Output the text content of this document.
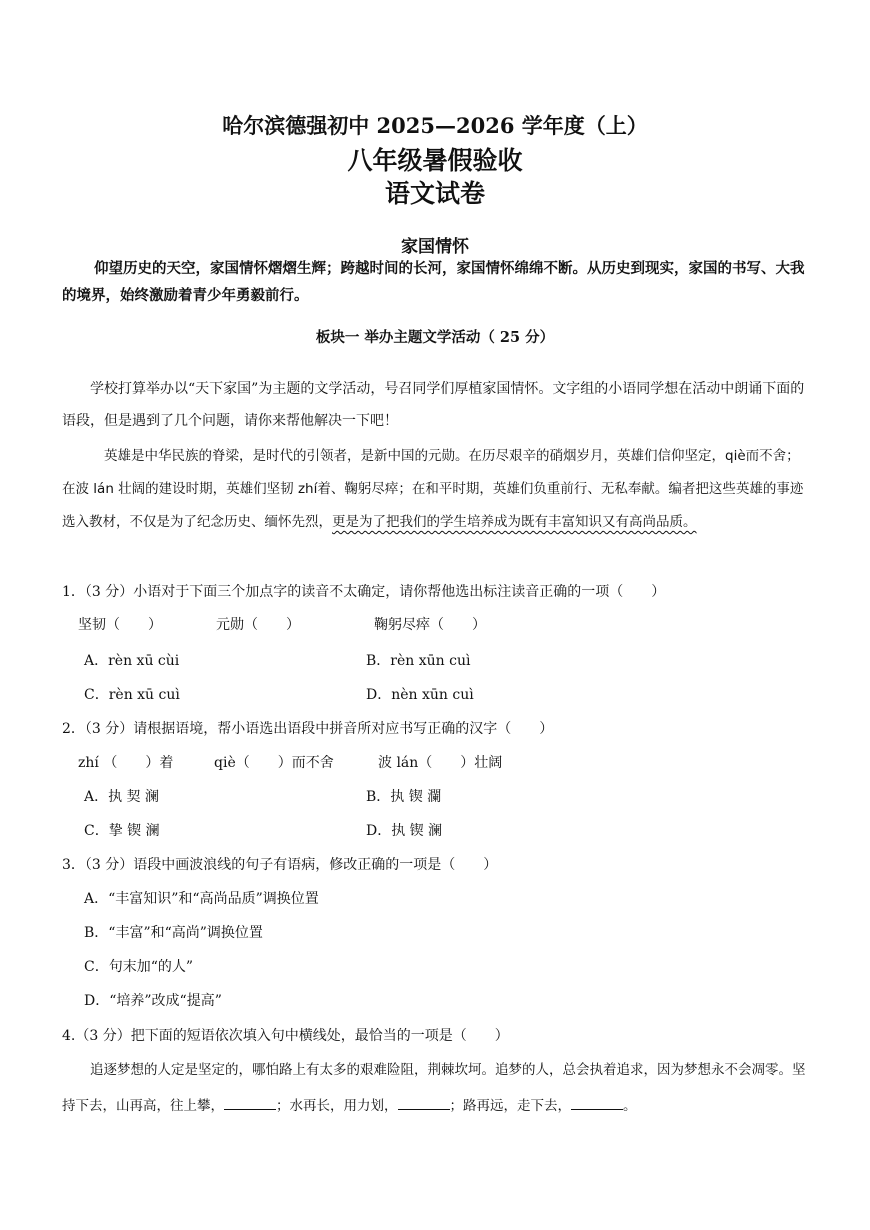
哈尔滨德强初中 2025—2026 学年度（上）
八年级暑假验收
语文试卷
家国情怀
仰望历史的天空，家国情怀熠熠生辉；跨越时间的长河，家国情怀绵绵不断。从历史到现实，家国的书写、大我的境界，始终激励着青少年勇毅前行。
板块一 举办主题文学活动（ 25 分）
学校打算举办以“天下家国”为主题的文学活动，号召同学们厚植家国情怀。文字组的小语同学想在活动中朗诵下面的语段，但是遇到了几个问题，请你来帮他解决一下吧！
英雄是中华民族的脊梁，是时代的引领者，是新中国的元勋。在历尽艰辛的硝烟岁月，英雄们信仰坚定，qiè而不舍；在波 lán 壮阔的建设时期，英雄们坚韧 zhí着、鞠躬尽瘁；在和平时期，英雄们负重前行、无私奉献。编者把这些英雄的事迹选入教材，不仅是为了纪念历史、缅怀先烈，更是为了把我们的学生培养成为既有丰富知识又有高尚品质。
1．（3 分）小语对于下面三个加点字的读音不太确定，请你帮他选出标注读音正确的一项（　　）
坚韧（　　）	元勋（　　）	鞠躬尽瘁（　　）
A．rèn xū cùi	B．rèn xūn cuì
C．rèn xū cuì	D．nèn xūn cuì
2．（3 分）请根据语境，帮小语选出语段中拼音所对应书写正确的汉字（　　）
zhí （　　）着	qiè（　　）而不舍	波 lán（　　）壮阔
A．执 契 澜	B．执 锲 瀾
C．挚 锲 澜	D．执 锲 澜
3．（3 分）语段中画波浪线的句子有语病，修改正确的一项是（　　）
A．“丰富知识”和“高尚品质”调换位置
B．“丰富”和“高尚”调换位置
C．句末加“的人”
D．“培养”改成“提高”
4.（3 分）把下面的短语依次填入句中横线处，最恰当的一项是（　　）
追逐梦想的人定是坚定的，哪怕路上有太多的艰难险阻，荆棘坎坷。追梦的人，总会执着追求，因为梦想永不会凋零。坚持下去，山再高，往上攀，	；水再长，用力划，	；路再远，走下去，	。
